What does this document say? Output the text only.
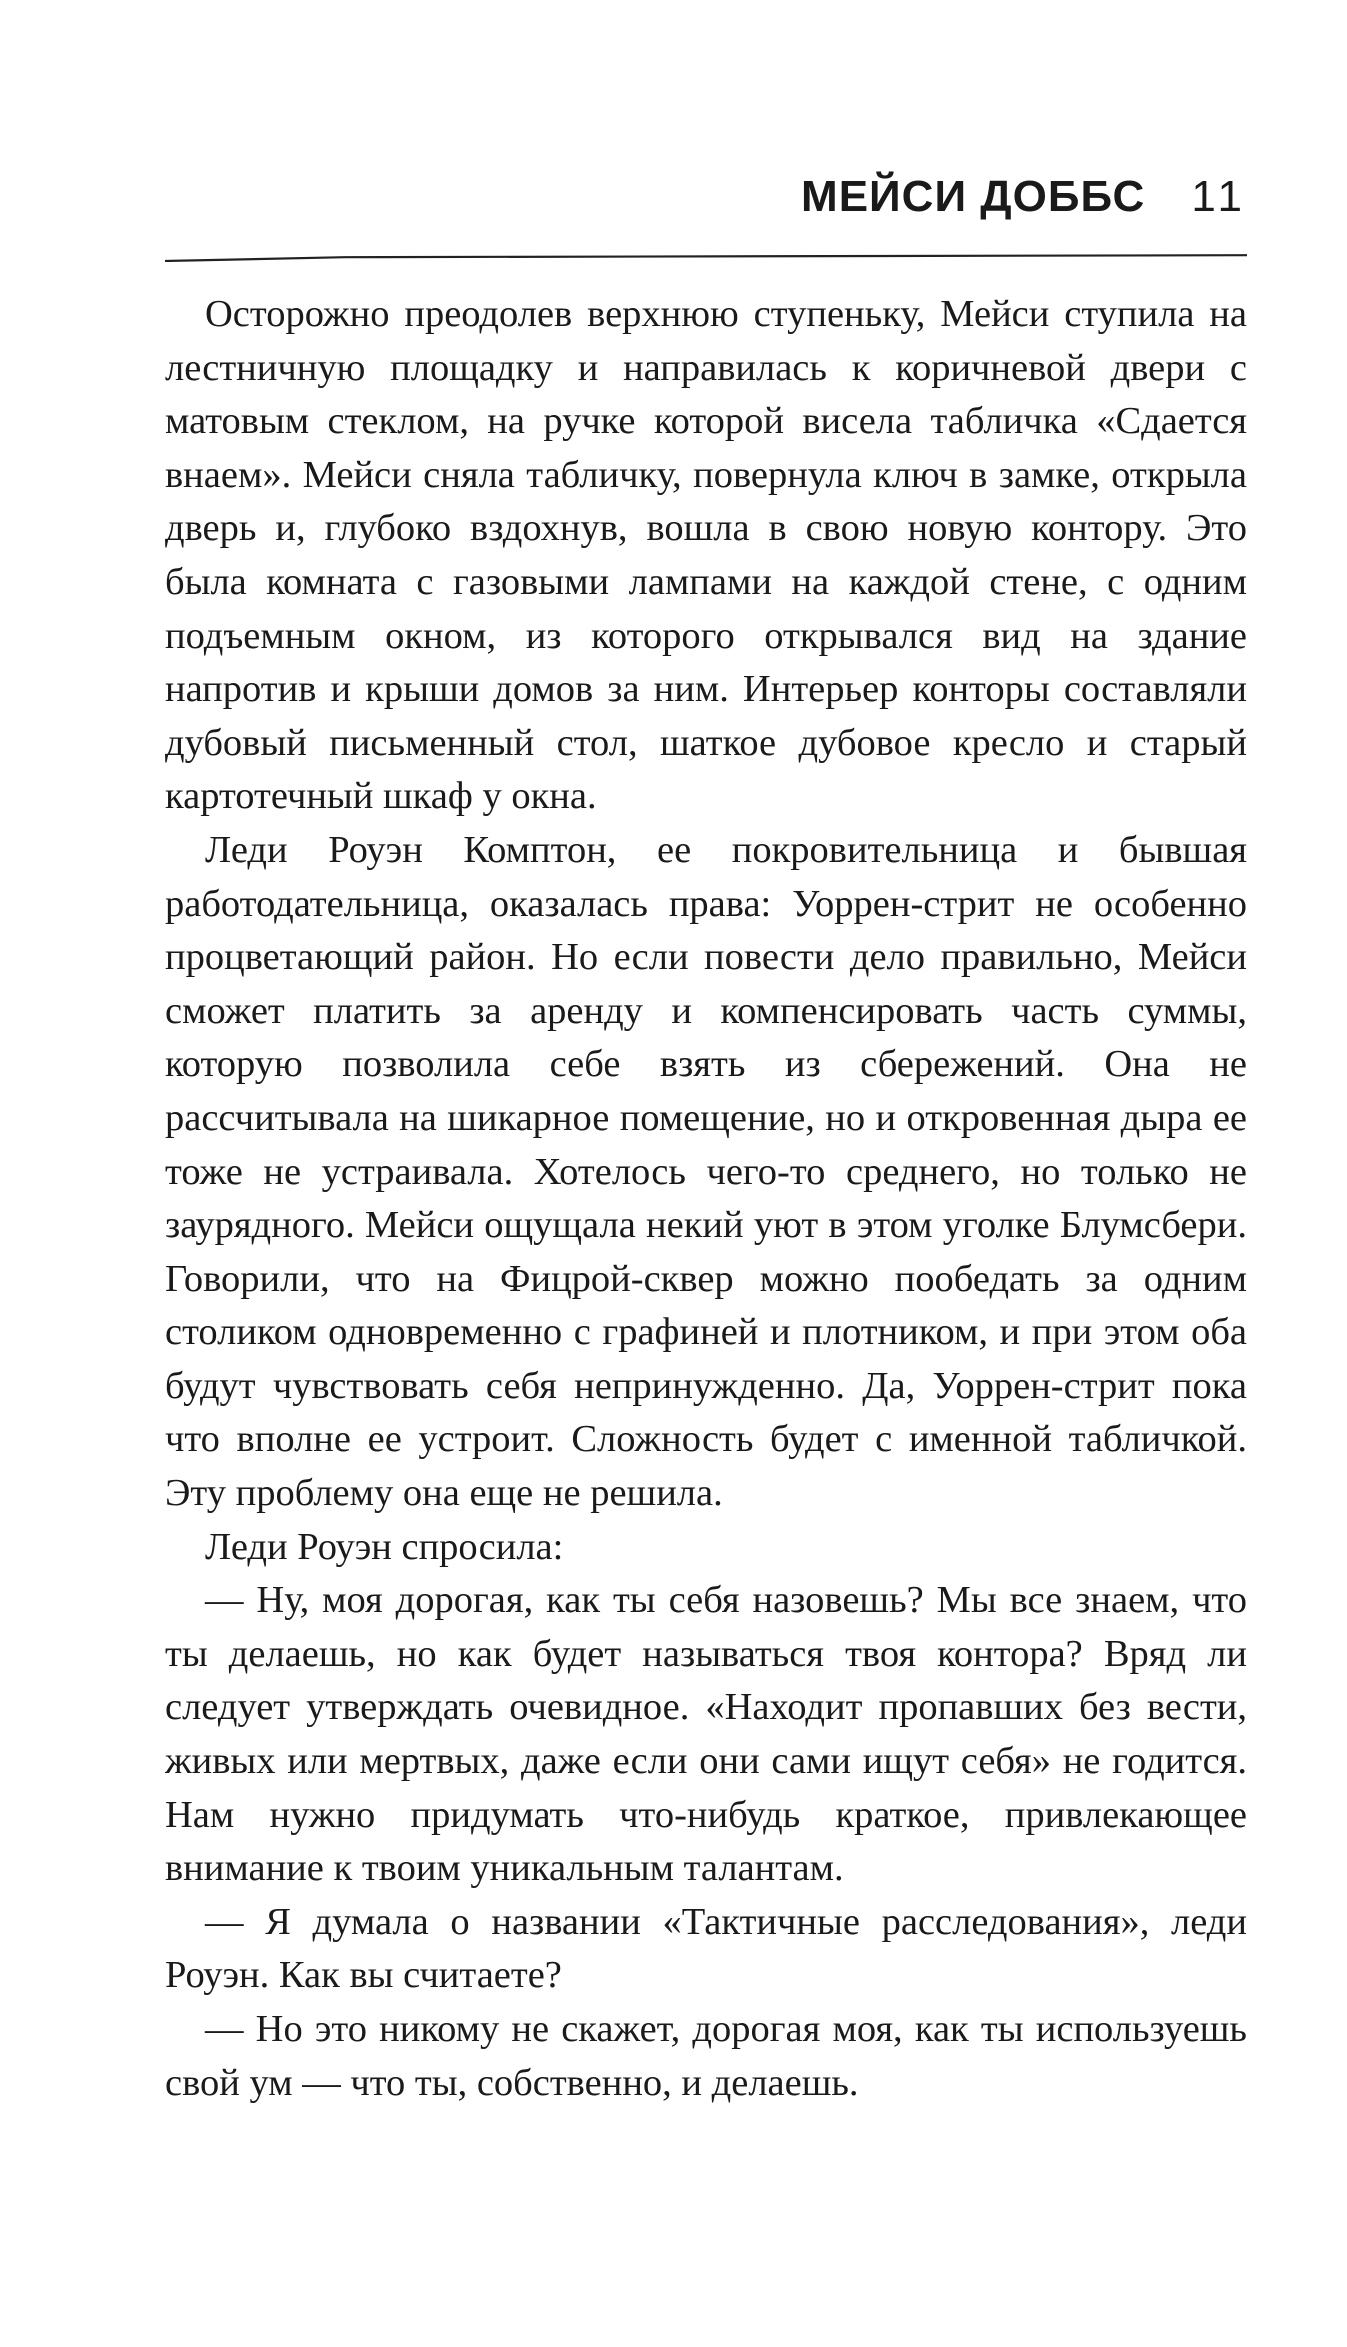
МЕЙСИ ДОББС 11

Осторожно преодолев верхнюю ступеньку, Мейси ступила на лестничную площадку и направилась к коричневой двери с матовым стеклом, на ручке которой висела табличка «Сдается внаем». Мейси сняла табличку, повернула ключ в замке, открыла дверь и, глубоко вздохнув, вошла в свою новую контору. Это была комната с газовыми лампами на каждой стене, с одним подъемным окном, из которого открывался вид на здание напротив и крыши домов за ним. Интерьер конторы составляли дубовый письменный стол, шаткое дубовое кресло и старый картотечный шкаф у окна.

Леди Роуэн Комптон, ее покровительница и бывшая работодательница, оказалась права: Уоррен-стрит не особенно процветающий район. Но если повести дело правильно, Мейси сможет платить за аренду и компенсировать часть суммы, которую позволила себе взять из сбережений. Она не рассчитывала на шикарное помещение, но и откровенная дыра ее тоже не устраивала. Хотелось чего-то среднего, но только не заурядного. Мейси ощущала некий уют в этом уголке Блумсбери. Говорили, что на Фицрой-сквер можно пообедать за одним столиком одновременно с графиней и плотником, и при этом оба будут чувствовать себя непринужденно. Да, Уоррен-стрит пока что вполне ее устроит. Сложность будет с именной табличкой. Эту проблему она еще не решила.

Леди Роуэн спросила:

— Ну, моя дорогая, как ты себя назовешь? Мы все знаем, что ты делаешь, но как будет называться твоя контора? Вряд ли следует утверждать очевидное. «Находит пропавших без вести, живых или мертвых, даже если они сами ищут себя» не годится. Нам нужно придумать что-нибудь краткое, привлекающее внимание к твоим уникальным талантам.

— Я думала о названии «Тактичные расследования», леди Роуэн. Как вы считаете?

— Но это никому не скажет, дорогая моя, как ты используешь свой ум — что ты, собственно, и делаешь.
